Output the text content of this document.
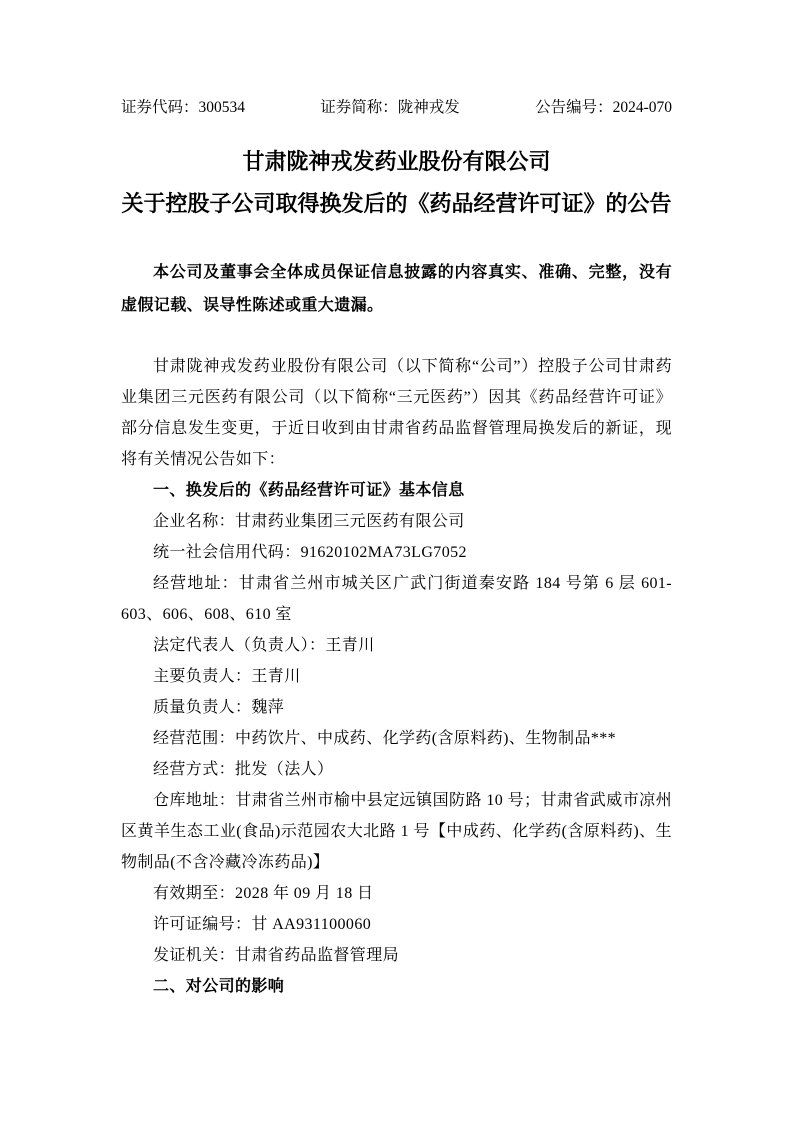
证券代码：300534	证券简称：陇神戎发	公告编号：2024-070
甘肃陇神戎发药业股份有限公司
关于控股子公司取得换发后的《药品经营许可证》的公告

本公司及董事会全体成员保证信息披露的内容真实、准确、完整，没有虚假记载、误导性陈述或重大遗漏。

甘肃陇神戎发药业股份有限公司（以下简称“公司”）控股子公司甘肃药业集团三元医药有限公司（以下简称“三元医药”）因其《药品经营许可证》部分信息发生变更，于近日收到由甘肃省药品监督管理局换发后的新证，现将有关情况公告如下：

一、换发后的《药品经营许可证》基本信息

企业名称：甘肃药业集团三元医药有限公司

统一社会信用代码：91620102MA73LG7052

经营地址：甘肃省兰州市城关区广武门街道秦安路 184 号第 6 层 601-603、606、608、610 室

法定代表人（负责人）：王青川

主要负责人：王青川

质量负责人：魏萍

经营范围：中药饮片、中成药、化学药(含原料药)、生物制品***

经营方式：批发（法人）

仓库地址：甘肃省兰州市榆中县定远镇国防路 10 号；甘肃省武威市凉州区黄羊生态工业(食品)示范园农大北路 1 号【中成药、化学药(含原料药)、生物制品(不含冷藏冷冻药品)】

有效期至：2028 年 09 月 18 日

许可证编号：甘 AA931100060

发证机关：甘肃省药品监督管理局

二、对公司的影响
